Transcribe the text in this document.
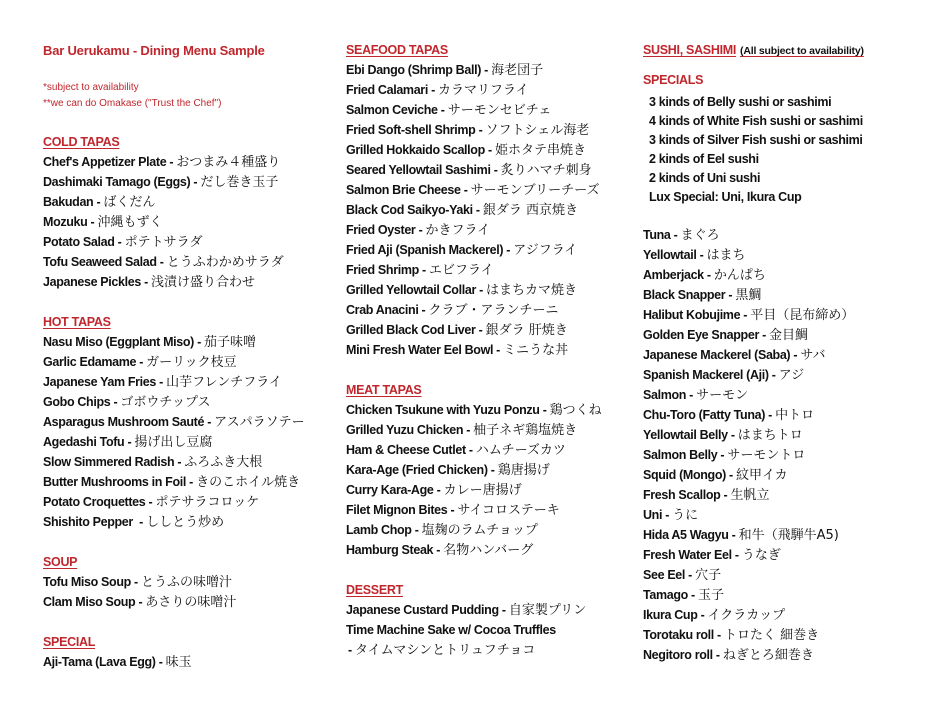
Bar Uerukamu - Dining Menu Sample
*subject to availability
**we can do Omakase ("Trust the Chef")
COLD TAPAS
Chef's Appetizer Plate - おつまみ４種盛り
Dashimaki Tamago (Eggs) - だし巻き玉子
Bakudan - ばくだん
Mozuku - 沖縄もずく
Potato Salad - ポテトサラダ
Tofu Seaweed Salad - とうふわかめサラダ
Japanese Pickles - 浅漬け盛り合わせ
HOT TAPAS
Nasu Miso (Eggplant Miso) - 茄子味噌
Garlic Edamame - ガーリック枝豆
Japanese Yam Fries - 山芋フレンチフライ
Gobo Chips - ゴボウチップス
Asparagus Mushroom Sauté - アスパラソテー
Agedashi Tofu - 揚げ出し豆腐
Slow Simmered Radish - ふろふき大根
Butter Mushrooms in Foil - きのこホイル焼き
Potato Croquettes - ポテサラコロッケ
Shishito Pepper  - ししとう炒め
SOUP
Tofu Miso Soup - とうふの味噌汁
Clam Miso Soup - あさりの味噌汁
SPECIAL
Aji-Tama (Lava Egg) - 味玉
SEAFOOD TAPAS
Ebi Dango (Shrimp Ball) - 海老団子
Fried Calamari - カラマリフライ
Salmon Ceviche - サーモンセビチェ
Fried Soft-shell Shrimp - ソフトシェル海老
Grilled Hokkaido Scallop - 姫ホタテ串焼き
Seared Yellowtail Sashimi - 炙りハマチ刺身
Salmon Brie Cheese - サーモンブリーチーズ
Black Cod Saikyo-Yaki - 銀ダラ 西京焼き
Fried Oyster - かきフライ
Fried Aji (Spanish Mackerel) - アジフライ
Fried Shrimp - エビフライ
Grilled Yellowtail Collar - はまちカマ焼き
Crab Anacini - クラブ・アランチーニ
Grilled Black Cod Liver - 銀ダラ 肝焼き
Mini Fresh Water Eel Bowl - ミニうな丼
MEAT TAPAS
Chicken Tsukune with Yuzu Ponzu - 鶏つくね
Grilled Yuzu Chicken - 柚子ネギ鶏塩焼き
Ham & Cheese Cutlet - ハムチーズカツ
Kara-Age (Fried Chicken) - 鶏唐揚げ
Curry Kara-Age - カレー唐揚げ
Filet Mignon Bites - サイコロステーキ
Lamb Chop - 塩麹のラムチョップ
Hamburg Steak - 名物ハンバーグ
DESSERT
Japanese Custard Pudding - 自家製プリン
Time Machine Sake w/ Cocoa Truffles
- タイムマシンとトリュフチョコ
SUSHI, SASHIMI (All subject to availability)
SPECIALS
3 kinds of Belly sushi or sashimi
4 kinds of White Fish sushi or sashimi
3 kinds of Silver Fish sushi or sashimi
2 kinds of Eel sushi
2 kinds of Uni sushi
Lux Special: Uni, Ikura Cup
Tuna - まぐろ
Yellowtail - はまち
Amberjack - かんぱち
Black Snapper - 黒鯛
Halibut Kobujime - 平目（昆布締め）
Golden Eye Snapper - 金目鯛
Japanese Mackerel (Saba) - サバ
Spanish Mackerel (Aji) - アジ
Salmon - サーモン
Chu-Toro (Fatty Tuna) - 中トロ
Yellowtail Belly - はまちトロ
Salmon Belly - サーモントロ
Squid (Mongo) - 紋甲イカ
Fresh Scallop - 生帆立
Uni - うに
Hida A5 Wagyu - 和牛（飛騨牛A5)
Fresh Water Eel - うなぎ
See Eel - 穴子
Tamago - 玉子
Ikura Cup - イクラカップ
Torotaku roll - トロたく 細巻き
Negitoro roll - ねぎとろ細巻き
